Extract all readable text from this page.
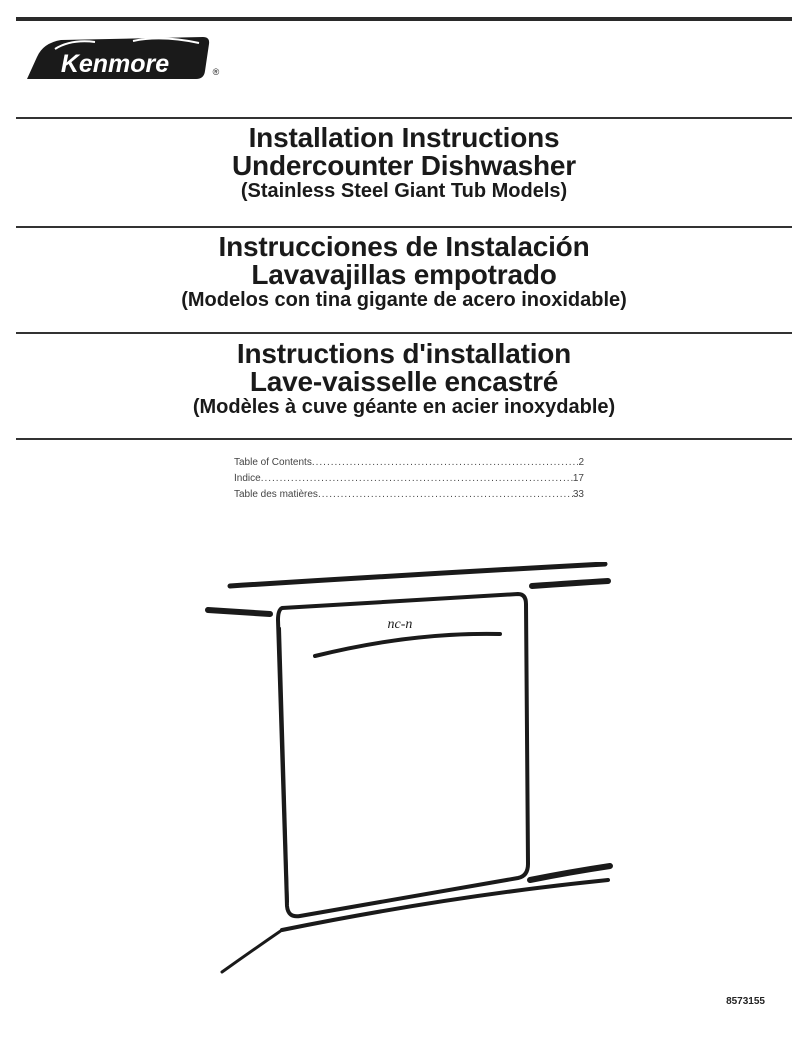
Kenmore	®
Installation Instructions
Undercounter Dishwasher
(Stainless Steel Giant Tub Models)
Instrucciones de Instalación
Lavavajillas empotrado
(Modelos con tina gigante de acero inoxidable)
Instructions d'installation
Lave-vaisselle encastré
(Modèles à cuve géante en acier inoxydable)
Table of Contents .....	2
Índice .....	17
Table des matières .....	33
nc-n
8573155
